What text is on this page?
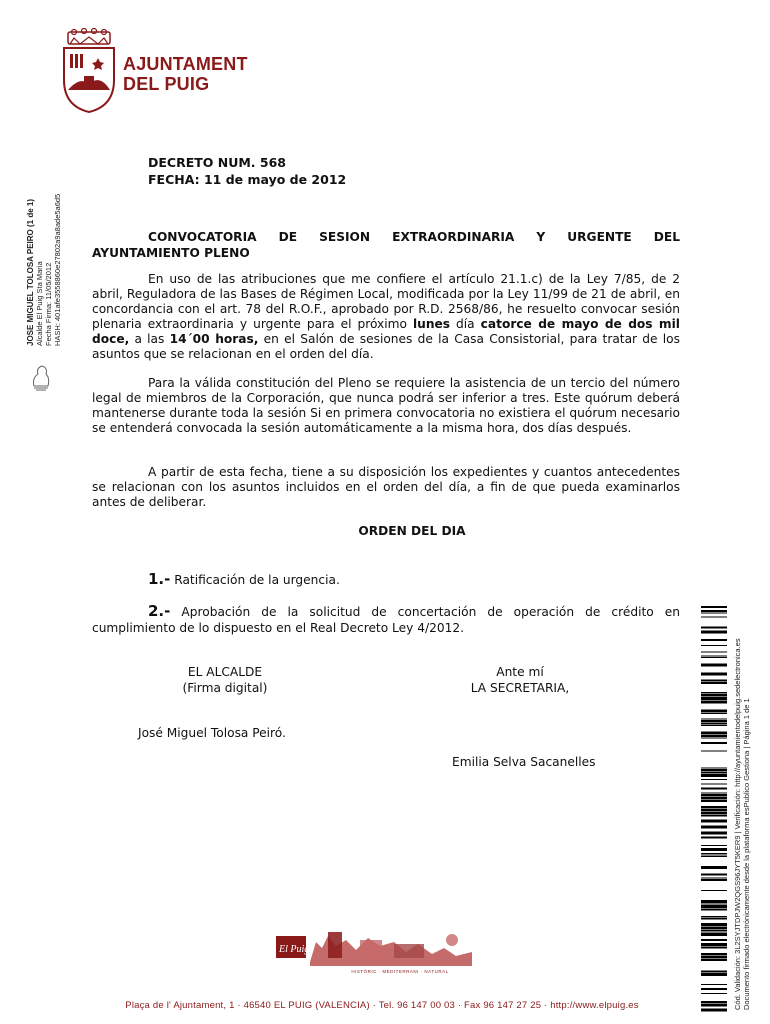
AJUNTAMENT
DEL PUIG
JOSE MIGUEL TOLOSA PEIRO (1 de 1) Alcalde El Puig Sta Maria Fecha Firma: 11/05/2012 HASH: 401afe3558860e27802a9a8ade5a6d5
DECRETO NUM. 568
FECHA: 11 de mayo de 2012
CONVOCATORIA DE SESION EXTRAORDINARIA Y URGENTE DEL
AYUNTAMIENTO PLENO

En uso de las atribuciones que me confiere el artículo 21.1.c) de la Ley 7/85, de 2 abril, Reguladora de las Bases de Régimen Local, modificada por la Ley 11/99 de 21 de abril, en concordancia con el art. 78 del R.O.F., aprobado por R.D. 2568/86, he resuelto convocar sesión plenaria extraordinaria y urgente para el próximo lunes día catorce de mayo de dos mil doce, a las 14´00 horas, en el Salón de sesiones de la Casa Consistorial, para tratar de los asuntos que se relacionan en el orden del día.

Para la válida constitución del Pleno se requiere la asistencia de un tercio del número legal de miembros de la Corporación, que nunca podrá ser inferior a tres. Este quórum deberá mantenerse durante toda la sesión Si en primera convocatoria no existiera el quórum necesario se entenderá convocada la sesión automáticamente a la misma hora, dos días después.

A partir de esta fecha, tiene a su disposición los expedientes y cuantos antecedentes se relacionan con los asuntos incluidos en el orden del día, a fin de que pueda examinarlos antes de deliberar.

ORDEN DEL DIA

1.- Ratificación de la urgencia.

2.- Aprobación de la solicitud de concertación de operación de crédito en cumplimiento de lo dispuesto en el Real Decreto Ley 4/2012.

EL ALCALDE
(Firma digital)
Ante mí
LA SECRETARIA,
José Miguel Tolosa Peiró.
Emilia Selva Sacanelles	Cód. Validación: 3L2SYJTDPJW2QGS96JYT5KER9 | Verificación: http://ayuntamientodelpuig.sedelectronica.es Documento firmado electrónicamente desde la plataforma esPublico Gestiona | Página 1 de 1
El Puig
HISTÒRIC · MEDITERRANI · NATURAL
Plaça de l' Ajuntament, 1 · 46540 EL PUIG (VALENCIA) · Tel. 96 147 00 03 · Fax 96 147 27 25 · http://www.elpuig.es
